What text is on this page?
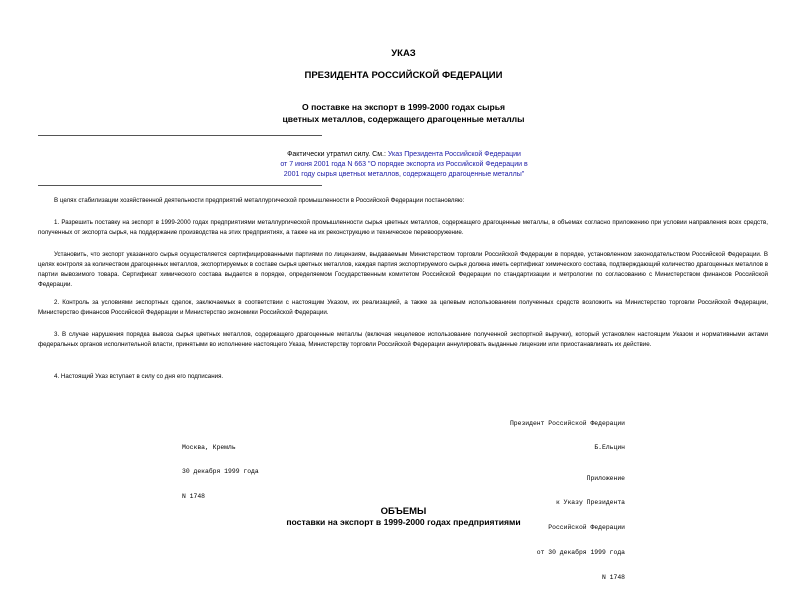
УКАЗ
ПРЕЗИДЕНТА РОССИЙСКОЙ ФЕДЕРАЦИИ
О поставке на экспорт в 1999-2000 годах сырья
цветных металлов, содержащего драгоценные металлы
Фактически утратил силу. См.: Указ Президента Российской Федерации
от 7 июня 2001 года N 663 "О порядке экспорта из Российской Федерации в
2001 году сырья цветных металлов, содержащего драгоценные металлы"
В целях стабилизации хозяйственной деятельности предприятий металлургической промышленности в Российской Федерации постановляю:
1. Разрешить поставку на экспорт в 1999-2000 годах предприятиями металлургической промышленности сырья цветных металлов, содержащего драгоценные металлы, в объемах согласно приложению при условии направления всех средств, полученных от экспорта сырья, на поддержание производства на этих предприятиях, а также на их реконструкцию и техническое перевооружение.
Установить, что экспорт указанного сырья осуществляется сертифицированными партиями по лицензиям, выдаваемым Министерством торговли Российской Федерации в порядке, установленном законодательством Российской Федерации. В целях контроля за количеством драгоценных металлов, экспортируемых в составе сырья цветных металлов, каждая партия экспортируемого сырья должна иметь сертификат химического состава, подтверждающий количество драгоценных металлов в партии вывозимого товара. Сертификат химического состава выдается в порядке, определяемом Государственным комитетом Российской Федерации по стандартизации и метрологии по согласованию с Министерством финансов Российской Федерации.
2. Контроль за условиями экспортных сделок, заключаемых в соответствии с настоящим Указом, их реализацией, а также за целевым использованием полученных средств возложить на Министерство торговли Российской Федерации, Министерство финансов Российской Федерации и Министерство экономики Российской Федерации.
3. В случае нарушения порядка вывоза сырья цветных металлов, содержащего драгоценные металлы (включая нецелевое использование полученной экспортной выручки), который установлен настоящим Указом и нормативными актами федеральных органов исполнительной власти, принятыми во исполнение настоящего Указа, Министерству торговли Российской Федерации аннулировать выданные лицензии или приостанавливать их действие.
4. Настоящий Указ вступает в силу со дня его подписания.

Президент Российской Федерации

Б.Ельцин

Москва, Кремль

30 декабря 1999 года

N 1748

Приложение

к Указу Президента

Российской Федерации

от 30 декабря 1999 года

N 1748

ОБЪЕМЫ
поставки на экспорт в 1999-2000 годах предприятиями
